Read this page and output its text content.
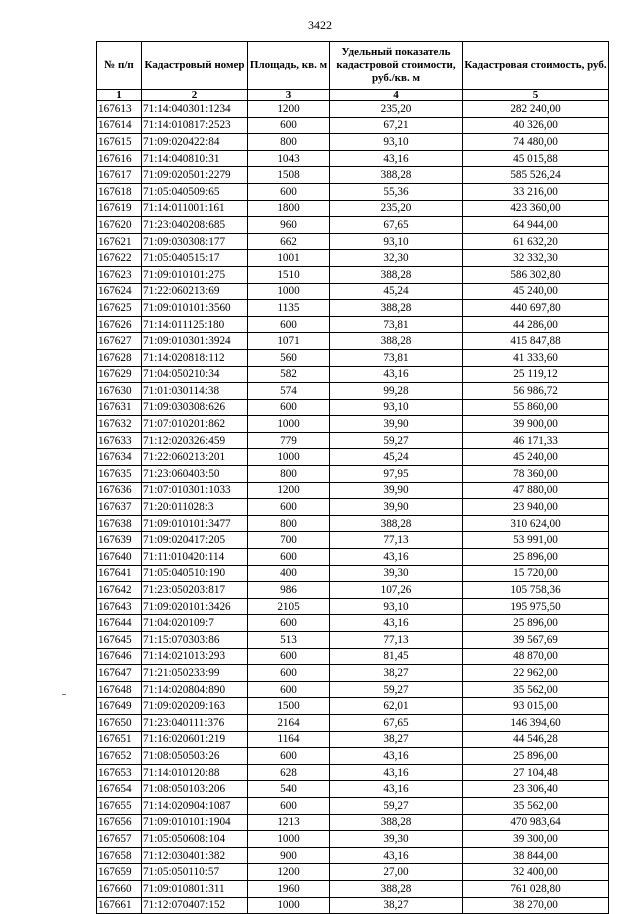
3422
№ п/п	Кадастровый номер	Площадь, кв. м	Удельный показатель кадастровой стоимости, руб./кв. м	Кадастровая стоимость, руб.
1	2	3	4	5
167613	71:14:040301:1234	1200	235,20	282 240,00
167614	71:14:010817:2523	600	67,21	40 326,00
167615	71:09:020422:84	800	93,10	74 480,00
167616	71:14:040810:31	1043	43,16	45 015,88
167617	71:09:020501:2279	1508	388,28	585 526,24
167618	71:05:040509:65	600	55,36	33 216,00
167619	71:14:011001:161	1800	235,20	423 360,00
167620	71:23:040208:685	960	67,65	64 944,00
167621	71:09:030308:177	662	93,10	61 632,20
167622	71:05:040515:17	1001	32,30	32 332,30
167623	71:09:010101:275	1510	388,28	586 302,80
167624	71:22:060213:69	1000	45,24	45 240,00
167625	71:09:010101:3560	1135	388,28	440 697,80
167626	71:14:011125:180	600	73,81	44 286,00
167627	71:09:010301:3924	1071	388,28	415 847,88
167628	71:14:020818:112	560	73,81	41 333,60
167629	71:04:050210:34	582	43,16	25 119,12
167630	71:01:030114:38	574	99,28	56 986,72
167631	71:09:030308:626	600	93,10	55 860,00
167632	71:07:010201:862	1000	39,90	39 900,00
167633	71:12:020326:459	779	59,27	46 171,33
167634	71:22:060213:201	1000	45,24	45 240,00
167635	71:23:060403:50	800	97,95	78 360,00
167636	71:07:010301:1033	1200	39,90	47 880,00
167637	71:20:011028:3	600	39,90	23 940,00
167638	71:09:010101:3477	800	388,28	310 624,00
167639	71:09:020417:205	700	77,13	53 991,00
167640	71:11:010420:114	600	43,16	25 896,00
167641	71:05:040510:190	400	39,30	15 720,00
167642	71:23:050203:817	986	107,26	105 758,36
167643	71:09:020101:3426	2105	93,10	195 975,50
167644	71:04:020109:7	600	43,16	25 896,00
167645	71:15:070303:86	513	77,13	39 567,69
167646	71:14:021013:293	600	81,45	48 870,00
167647	71:21:050233:99	600	38,27	22 962,00
167648	71:14:020804:890	600	59,27	35 562,00
167649	71:09:020209:163	1500	62,01	93 015,00
167650	71:23:040111:376	2164	67,65	146 394,60
167651	71:16:020601:219	1164	38,27	44 546,28
167652	71:08:050503:26	600	43,16	25 896,00
167653	71:14:010120:88	628	43,16	27 104,48
167654	71:08:050103:206	540	43,16	23 306,40
167655	71:14:020904:1087	600	59,27	35 562,00
167656	71:09:010101:1904	1213	388,28	470 983,64
167657	71:05:050608:104	1000	39,30	39 300,00
167658	71:12:030401:382	900	43,16	38 844,00
167659	71:05:050110:57	1200	27,00	32 400,00
167660	71:09:010801:311	1960	388,28	761 028,80
167661	71:12:070407:152	1000	38,27	38 270,00
